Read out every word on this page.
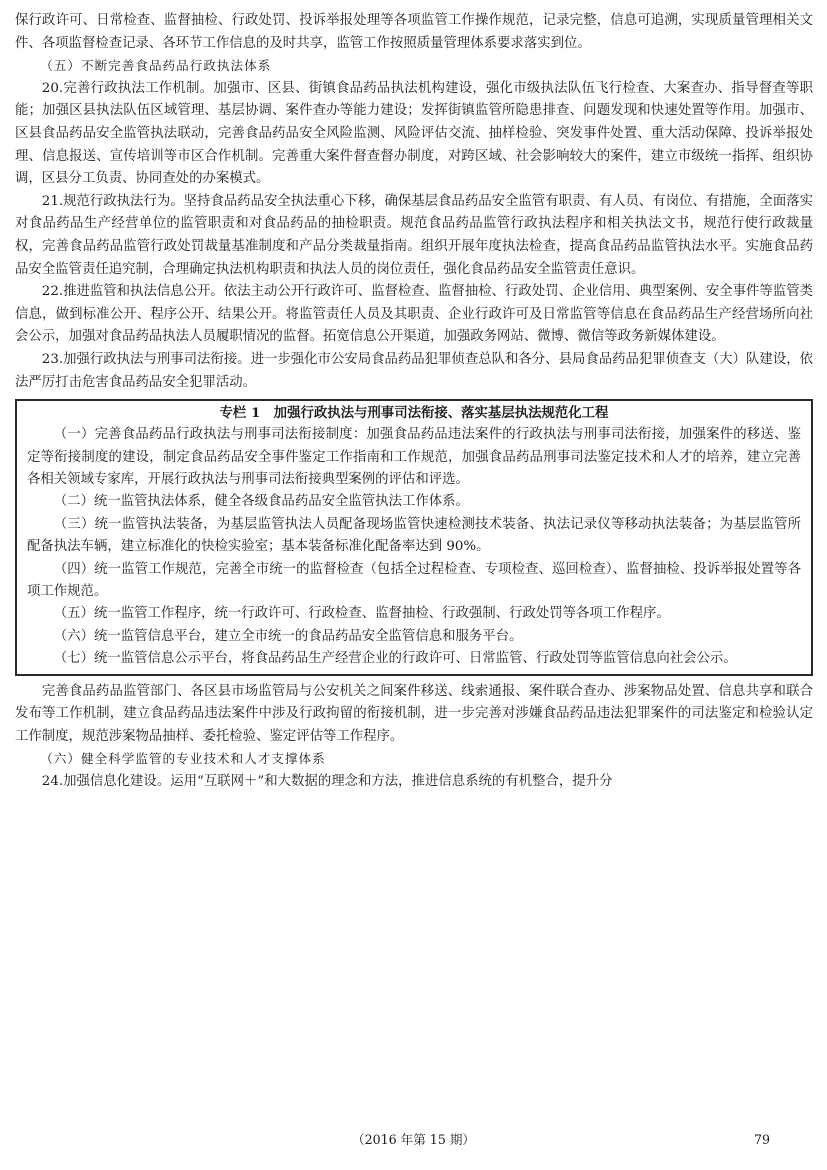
保行政许可、日常检查、监督抽检、行政处罚、投诉举报处理等各项监管工作操作规范，记录完整，信息可追溯，实现质量管理相关文件、各项监督检查记录、各环节工作信息的及时共享，监管工作按照质量管理体系要求落实到位。

（五）不断完善食品药品行政执法体系

20.完善行政执法工作机制。加强市、区县、街镇食品药品执法机构建设，强化市级执法队伍飞行检查、大案查办、指导督查等职能；加强区县执法队伍区域管理、基层协调、案件查办等能力建设；发挥街镇监管所隐患排查、问题发现和快速处置等作用。加强市、区县食品药品安全监管执法联动，完善食品药品安全风险监测、风险评估交流、抽样检验、突发事件处置、重大活动保障、投诉举报处理、信息报送、宣传培训等市区合作机制。完善重大案件督查督办制度，对跨区域、社会影响较大的案件，建立市级统一指挥、组织协调，区县分工负责、协同查处的办案模式。

21.规范行政执法行为。坚持食品药品安全执法重心下移，确保基层食品药品安全监管有职责、有人员、有岗位、有措施，全面落实对食品药品生产经营单位的监管职责和对食品药品的抽检职责。规范食品药品监管行政执法程序和相关执法文书，规范行使行政裁量权，完善食品药品监管行政处罚裁量基准制度和产品分类裁量指南。组织开展年度执法检查，提高食品药品监管执法水平。实施食品药品安全监管责任追究制，合理确定执法机构职责和执法人员的岗位责任，强化食品药品安全监管责任意识。

22.推进监管和执法信息公开。依法主动公开行政许可、监督检查、监督抽检、行政处罚、企业信用、典型案例、安全事件等监管类信息，做到标准公开、程序公开、结果公开。将监管责任人员及其职责、企业行政许可及日常监管等信息在食品药品生产经营场所向社会公示，加强对食品药品执法人员履职情况的监督。拓宽信息公开渠道，加强政务网站、微博、微信等政务新媒体建设。

23.加强行政执法与刑事司法衔接。进一步强化市公安局食品药品犯罪侦查总队和各分、县局食品药品犯罪侦查支（大）队建设，依法严厉打击危害食品药品安全犯罪活动。

专栏 1　加强行政执法与刑事司法衔接、落实基层执法规范化工程

（一）完善食品药品行政执法与刑事司法衔接制度：加强食品药品违法案件的行政执法与刑事司法衔接，加强案件的移送、鉴定等衔接制度的建设，制定食品药品安全事件鉴定工作指南和工作规范，加强食品药品刑事司法鉴定技术和人才的培养，建立完善各相关领域专家库，开展行政执法与刑事司法衔接典型案例的评估和评选。

（二）统一监管执法体系，健全各级食品药品安全监管执法工作体系。

（三）统一监管执法装备，为基层监管执法人员配备现场监管快速检测技术装备、执法记录仪等移动执法装备；为基层监管所配备执法车辆，建立标准化的快检实验室；基本装备标准化配备率达到 90%。

（四）统一监管工作规范，完善全市统一的监督检查（包括全过程检查、专项检查、巡回检查）、监督抽检、投诉举报处置等各项工作规范。

（五）统一监管工作程序，统一行政许可、行政检查、监督抽检、行政强制、行政处罚等各项工作程序。

（六）统一监管信息平台，建立全市统一的食品药品安全监管信息和服务平台。

（七）统一监管信息公示平台，将食品药品生产经营企业的行政许可、日常监管、行政处罚等监管信息向社会公示。

完善食品药品监管部门、各区县市场监管局与公安机关之间案件移送、线索通报、案件联合查办、涉案物品处置、信息共享和联合发布等工作机制，建立食品药品违法案件中涉及行政拘留的衔接机制，进一步完善对涉嫌食品药品违法犯罪案件的司法鉴定和检验认定工作制度，规范涉案物品抽样、委托检验、鉴定评估等工作程序。

（六）健全科学监管的专业技术和人才支撑体系

24.加强信息化建设。运用“互联网＋”和大数据的理念和方法，推进信息系统的有机整合，提升分

（2016 年第 15 期）	79
